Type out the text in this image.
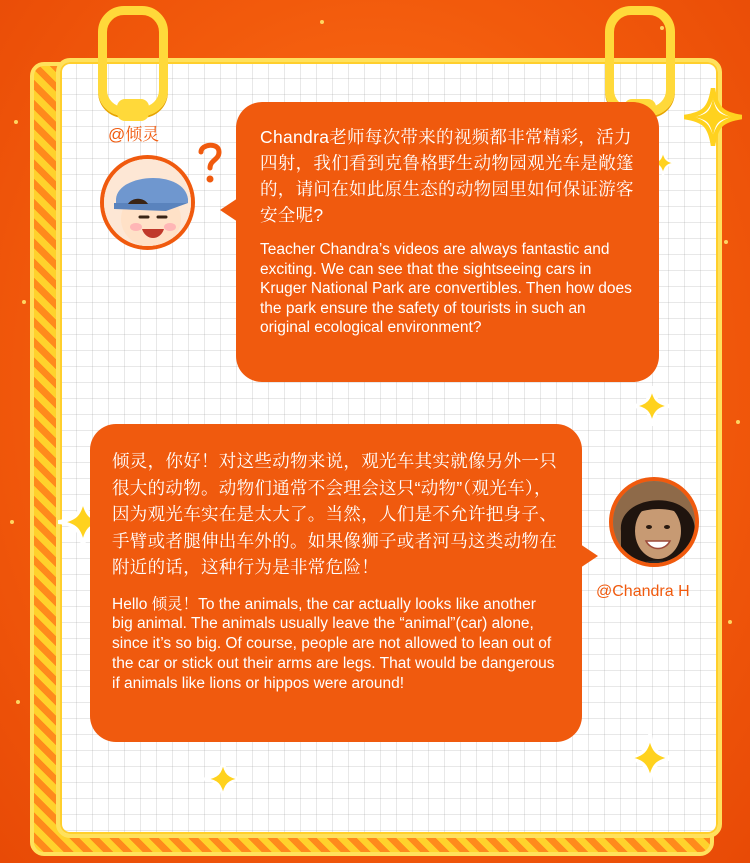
@倾灵	Chandra老师每次带来的视频都非常精彩，活力四射，我们看到克鲁格野生动物园观光车是敞篷的，请问在如此原生态的动物园里如何保证游客安全呢?

Teacher Chandra’s videos are always fantastic and exciting. We can see that the sightseeing cars in Kruger National Park are convertibles. Then how does the park ensure the safety of tourists in such an original ecological environment?

倾灵，你好！对这些动物来说，观光车其实就像另外一只很大的动物。动物们通常不会理会这只“动物”（观光车），因为观光车实在是太大了。当然，人们是不允许把身子、手臂或者腿伸出车外的。如果像狮子或者河马这类动物在附近的话，这种行为是非常危险！

Hello 倾灵！To the animals, the car actually looks like another big animal. The animals usually leave the “animal”(car) alone, since it’s so big. Of course, people are not allowed to lean out of the car or stick out their arms are legs. That would be dangerous if animals like lions or hippos were around!

@Chandra H
